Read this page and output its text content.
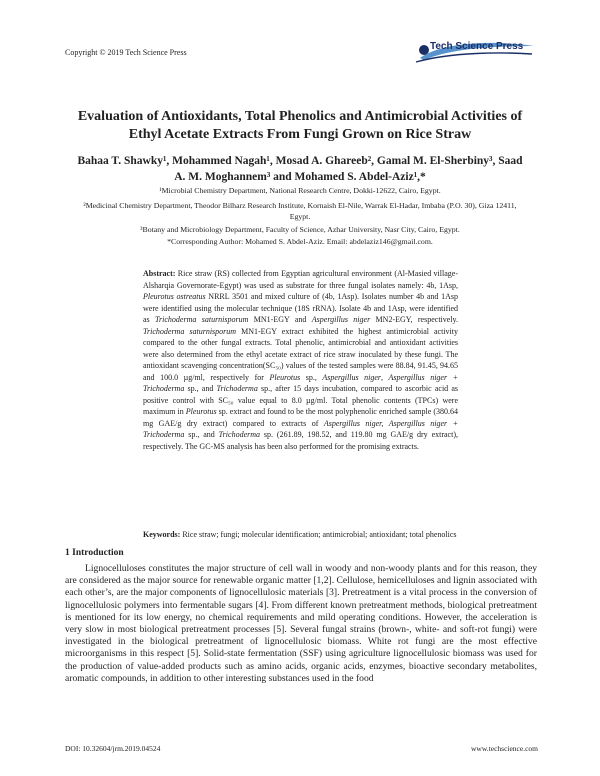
Copyright © 2019 Tech Science Press
Tech Science Press
Evaluation of Antioxidants, Total Phenolics and Antimicrobial Activities of Ethyl Acetate Extracts From Fungi Grown on Rice Straw
Bahaa T. Shawky¹, Mohammed Nagah¹, Mosad A. Ghareeb², Gamal M. El-Sherbiny³, Saad A. M. Moghannem³ and Mohamed S. Abdel-Aziz¹,*
¹Microbial Chemistry Department, National Research Centre, Dokki-12622, Cairo, Egypt.
²Medicinal Chemistry Department, Theodor Bilharz Research Institute, Kornaish El-Nile, Warrak El-Hadar, Imbaba (P.O. 30), Giza 12411, Egypt.
³Botany and Microbiology Department, Faculty of Science, Azhar University, Nasr City, Cairo, Egypt.
*Corresponding Author: Mohamed S. Abdel-Aziz. Email: abdelaziz146@gmail.com.
Abstract: Rice straw (RS) collected from Egyptian agricultural environment (Al-Masied village-Alsharqia Governorate-Egypt) was used as substrate for three fungal isolates namely: 4b, 1Asp, Pleurotus ostreatus NRRL 3501 and mixed culture of (4b, 1Asp). Isolates number 4b and 1Asp were identified using the molecular technique (18S rRNA). Isolate 4b and 1Asp, were identified as Trichoderma saturnisporum MN1-EGY and Aspergillus niger MN2-EGY, respectively. Trichoderma saturnisporum MN1-EGY extract exhibited the highest antimicrobial activity compared to the other fungal extracts. Total phenolic, antimicrobial and antioxidant activities were also determined from the ethyl acetate extract of rice straw inoculated by these fungi. The antioxidant scavenging concentration(SC₅₀) values of the tested samples were 88.84, 91.45, 94.65 and 100.0 µg/ml, respectively for Pleurotus sp., Aspergillus niger, Aspergillus niger + Trichoderma sp., and Trichoderma sp., after 15 days incubation, compared to ascorbic acid as positive control with SC₅₀ value equal to 8.0 µg/ml. Total phenolic contents (TPCs) were maximum in Pleurotus sp. extract and found to be the most polyphenolic enriched sample (380.64 mg GAE/g dry extract) compared to extracts of Aspergillus niger, Aspergillus niger + Trichoderma sp., and Trichoderma sp. (261.89, 198.52, and 119.80 mg GAE/g dry extract), respectively. The GC-MS analysis has been also performed for the promising extracts.
Keywords: Rice straw; fungi; molecular identification; antimicrobial; antioxidant; total phenolics
1 Introduction
Lignocelluloses constitutes the major structure of cell wall in woody and non-woody plants and for this reason, they are considered as the major source for renewable organic matter [1,2]. Cellulose, hemicelluloses and lignin associated with each other’s, are the major components of lignocellulosic materials [3]. Pretreatment is a vital process in the conversion of lignocellulosic polymers into fermentable sugars [4]. From different known pretreatment methods, biological pretreatment is mentioned for its low energy, no chemical requirements and mild operating conditions. However, the acceleration is very slow in most biological pretreatment processes [5]. Several fungal strains (brown-, white- and soft-rot fungi) were investigated in the biological pretreatment of lignocellulosic biomass. White rot fungi are the most effective microorganisms in this respect [5]. Solid-state fermentation (SSF) using agriculture lignocellulosic biomass was used for the production of value-added products such as amino acids, organic acids, enzymes, bioactive secondary metabolites, aromatic compounds, in addition to other interesting substances used in the food
DOI: 10.32604/jrm.2019.04524	www.techscience.com
